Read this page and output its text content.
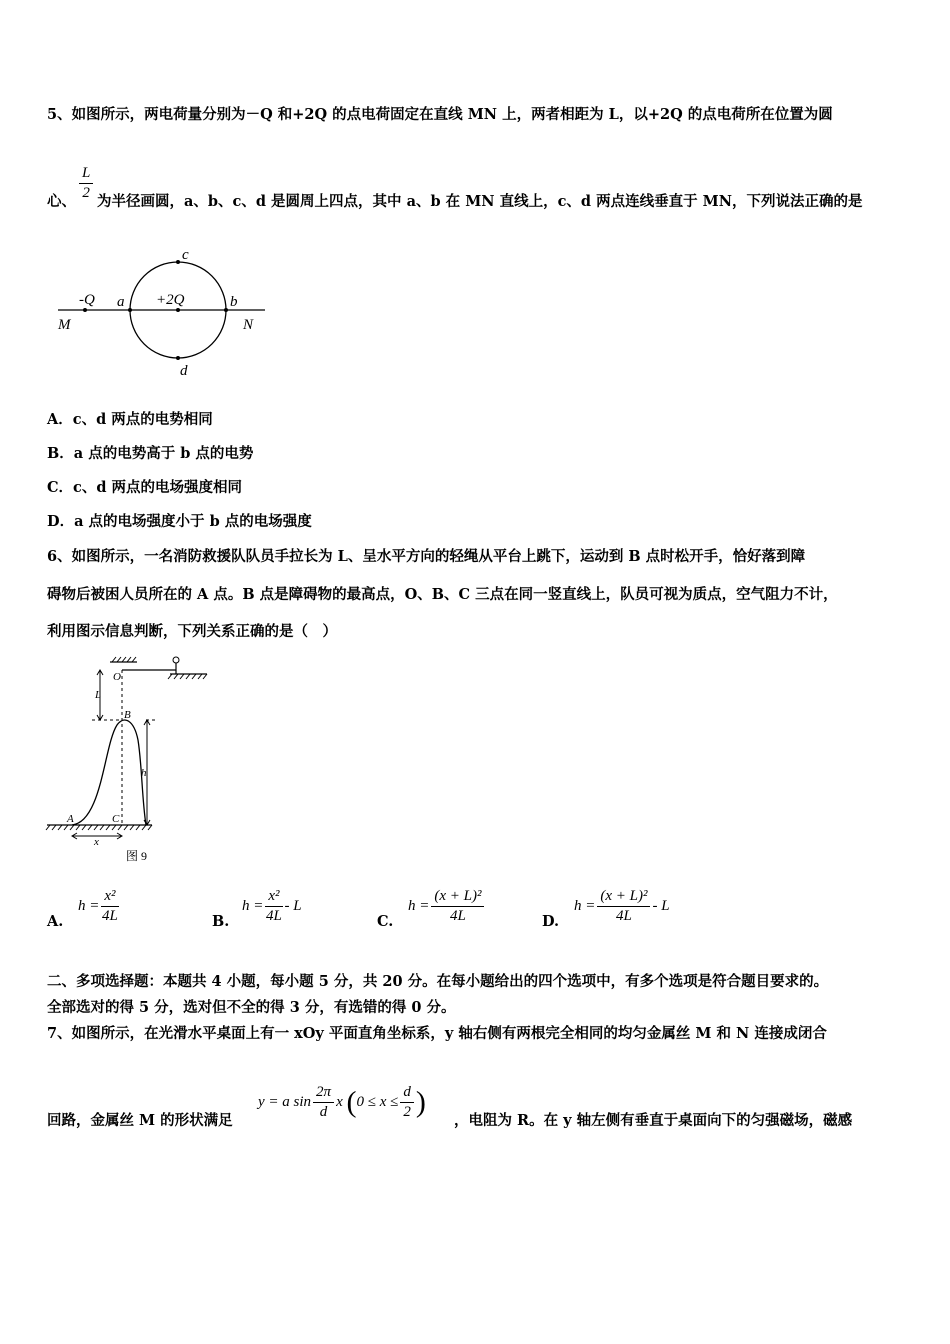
5、如图所示，两电荷量分别为－Q 和+2Q 的点电荷固定在直线 MN 上，两者相距为 L，以+2Q 的点电荷所在位置为圆
心、 $\frac{L}{2}$ 为半径画圆，a、b、c、d 是圆周上四点，其中 a、b 在 MN 直线上，c、d 两点连线垂直于 MN，下列说法正确的是
-Q a +2Q	b
c
d
M	N
A．c、d 两点的电势相同
B．a 点的电势高于 b 点的电势
C．c、d 两点的电场强度相同
D．a 点的电场强度小于 b 点的电场强度
6、如图所示，一名消防救援队队员手拉长为 L、呈水平方向的轻绳从平台上跳下，运动到 B 点时松开手，恰好落到障
碍物后被困人员所在的 A 点。B 点是障碍物的最高点，O、B、C 三点在同一竖直线上，队员可视为质点，空气阻力不计，
利用图示信息判断，下列关系正确的是（　）
O
L
B
h
A	C
x
图 9
A.
$h = \frac{\text{x²}}{4L}$	B.
$h = \frac{\text{x²}}{4L} - L$
C.
$h = \frac{\text{(x + L)²}}{4L}$	D.
$h = \frac{\text{(x + L)²}}{4L} - L$
二、多项选择题：本题共 4 小题，每小题 5 分，共 20 分。在每小题给出的四个选项中，有多个选项是符合题目要求的。
全部选对的得 5 分，选对但不全的得 3 分，有选错的得 0 分。
7、如图所示，在光滑水平桌面上有一 xOy 平面直角坐标系，y 轴右侧有两根完全相同的均匀金属丝 M 和 N 连接成闭合
回路，金属丝 M 的形状满足
y = a $\sin \frac{2\pi}{d}$ x ($0 \le x \le \frac{d}{2}$ )
，电阻为 R。在 y 轴左侧有垂直于桌面向下的匀强磁场，磁感
